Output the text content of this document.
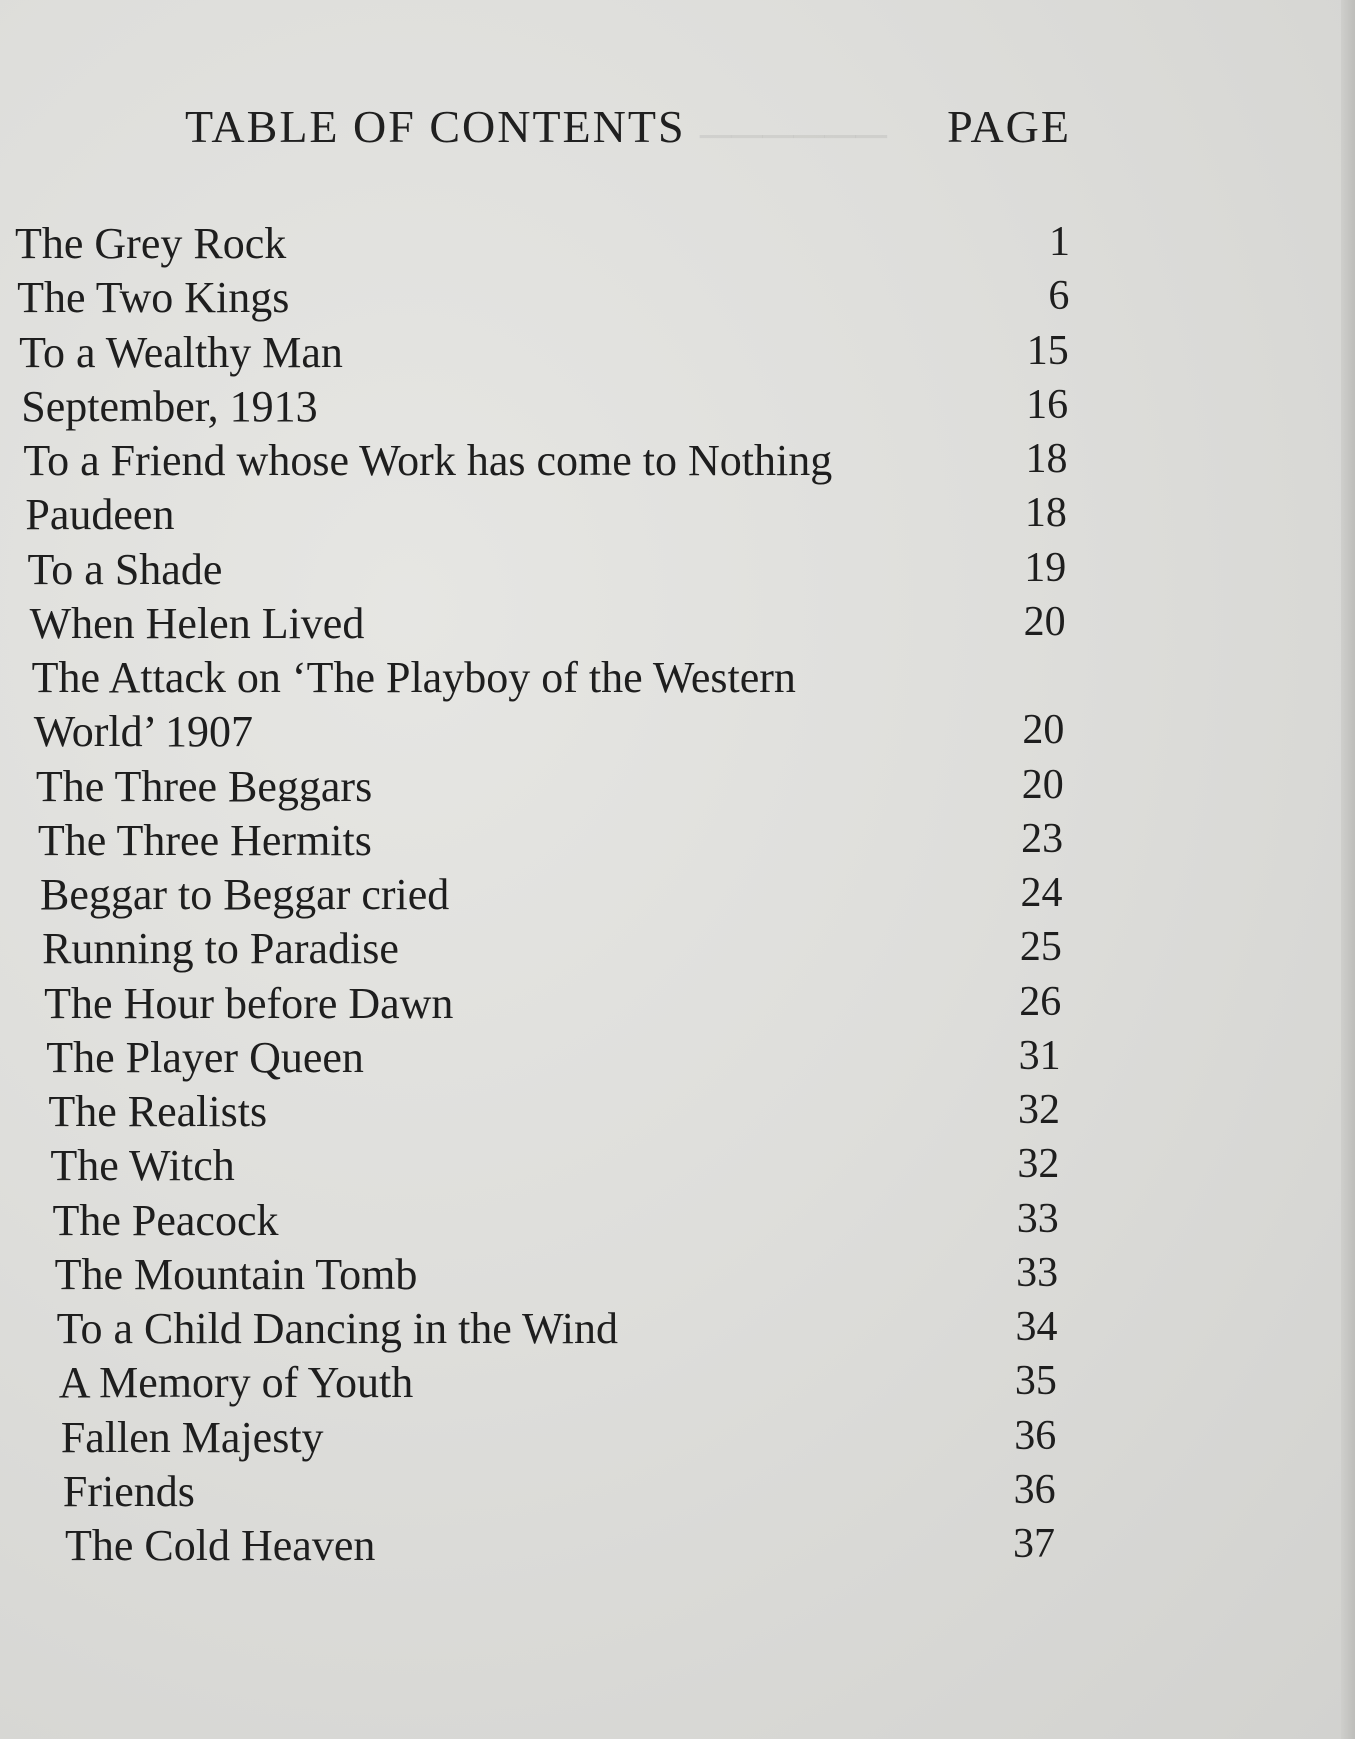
──────
TABLE OF CONTENTS	PAGE
The Grey Rock	1
The Two Kings	6
To a Wealthy Man	15
September, 1913	16
To a Friend whose Work has come to Nothing	18
Paudeen	18
To a Shade	19
When Helen Lived	20
The Attack on ‘The Playboy of the Western
World’ 1907	20
The Three Beggars	20
The Three Hermits	23
Beggar to Beggar cried	24
Running to Paradise	25
The Hour before Dawn	26
The Player Queen	31
The Realists	32
The Witch	32
The Peacock	33
The Mountain Tomb	33
To a Child Dancing in the Wind	34
A Memory of Youth	35
Fallen Majesty	36
Friends	36
The Cold Heaven	37
